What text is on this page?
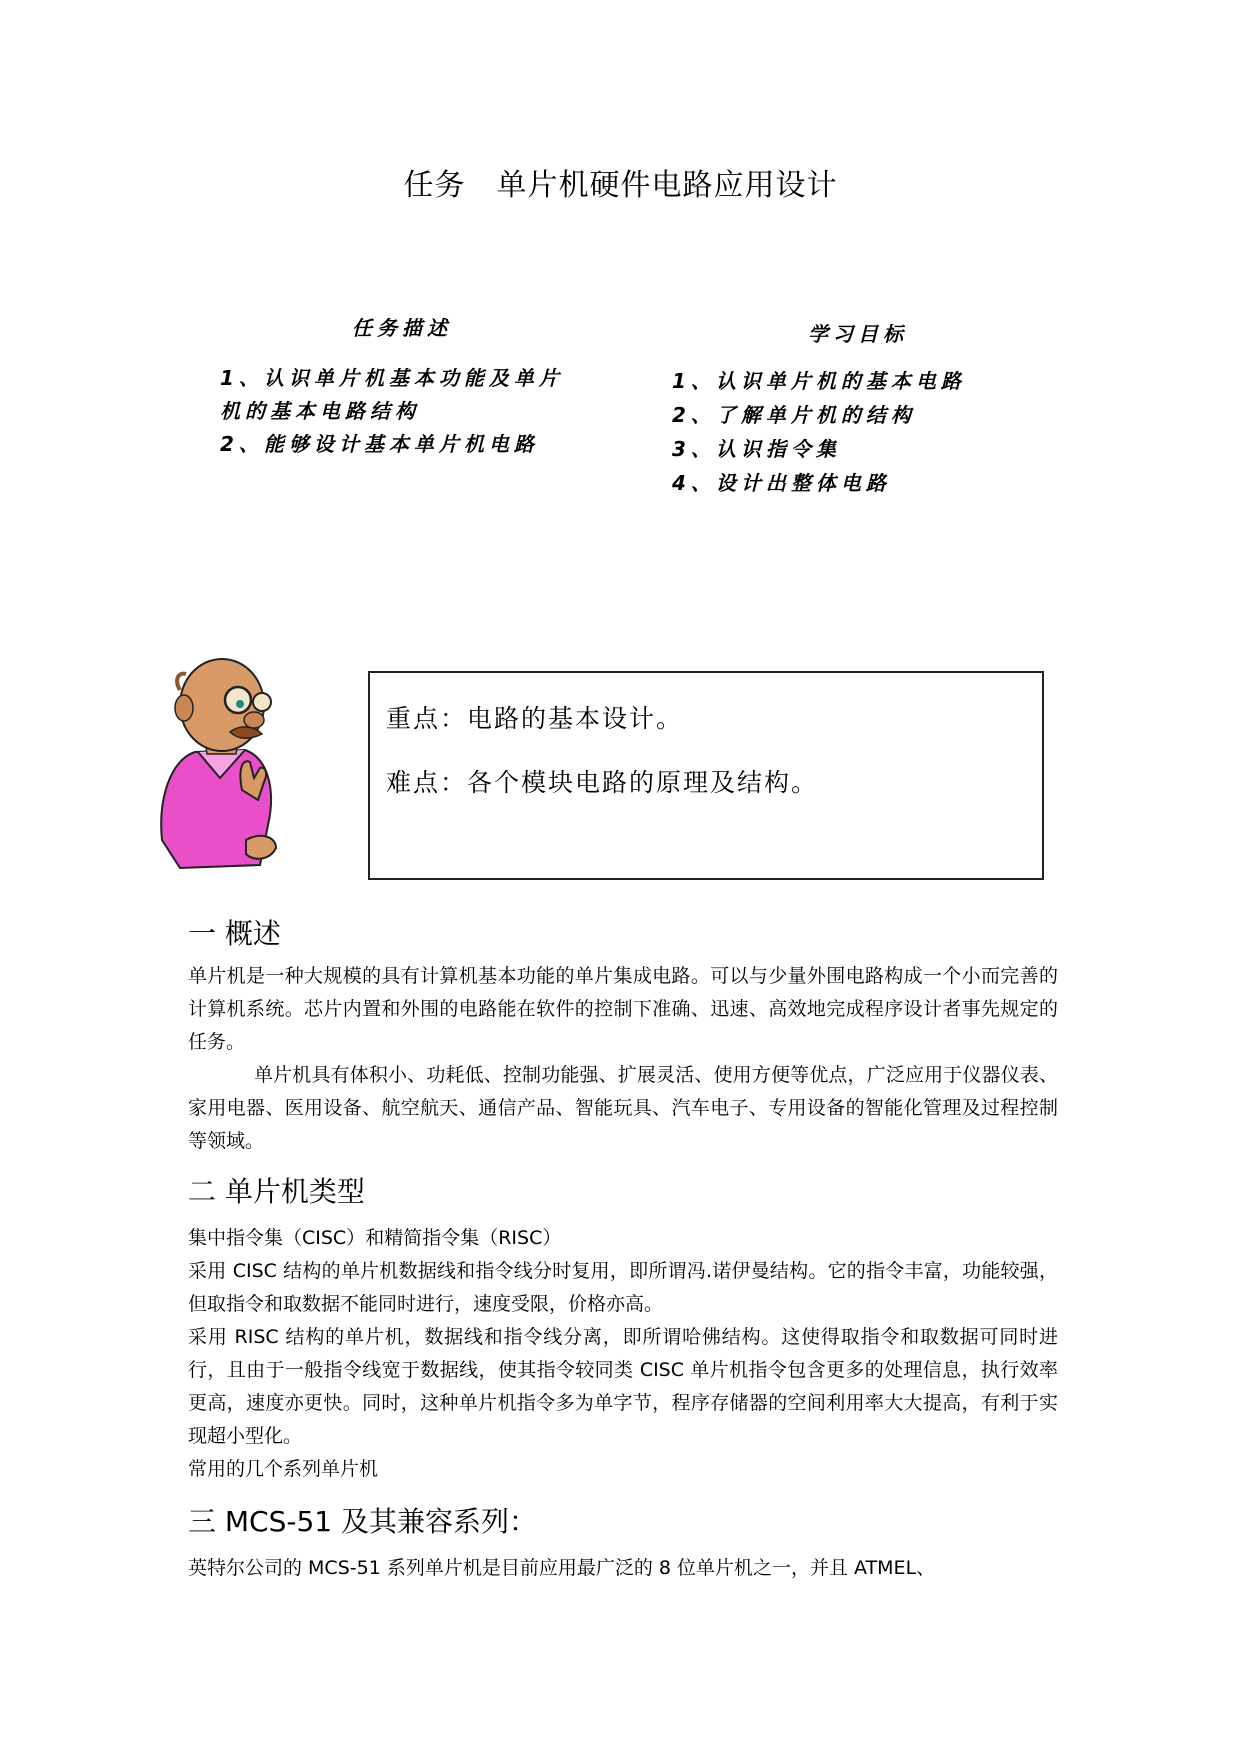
任务　单片机硬件电路应用设计
任务描述
1、认识单片机基本功能及单片机的基本电路结构
2、能够设计基本单片机电路
学习目标
1、认识单片机的基本电路
2、了解单片机的结构
3、认识指令集
4、设计出整体电路
重点：电路的基本设计。
难点：各个模块电路的原理及结构。
一 概述
单片机是一种大规模的具有计算机基本功能的单片集成电路。可以与少量外围电路构成一个小而完善的计算机系统。芯片内置和外围的电路能在软件的控制下准确、迅速、高效地完成程序设计者事先规定的任务。
单片机具有体积小、功耗低、控制功能强、扩展灵活、使用方便等优点，广泛应用于仪器仪表、家用电器、医用设备、航空航天、通信产品、智能玩具、汽车电子、专用设备的智能化管理及过程控制等领域。
二 单片机类型
集中指令集（CISC）和精简指令集（RISC）
采用 CISC 结构的单片机数据线和指令线分时复用，即所谓冯.诺伊曼结构。它的指令丰富，功能较强，但取指令和取数据不能同时进行，速度受限，价格亦高。
采用 RISC 结构的单片机，数据线和指令线分离，即所谓哈佛结构。这使得取指令和取数据可同时进行，且由于一般指令线宽于数据线，使其指令较同类 CISC 单片机指令包含更多的处理信息，执行效率更高，速度亦更快。同时，这种单片机指令多为单字节，程序存储器的空间利用率大大提高，有利于实现超小型化。
常用的几个系列单片机
三 MCS-51 及其兼容系列：
英特尔公司的 MCS-51 系列单片机是目前应用最广泛的 8 位单片机之一，并且 ATMEL、
